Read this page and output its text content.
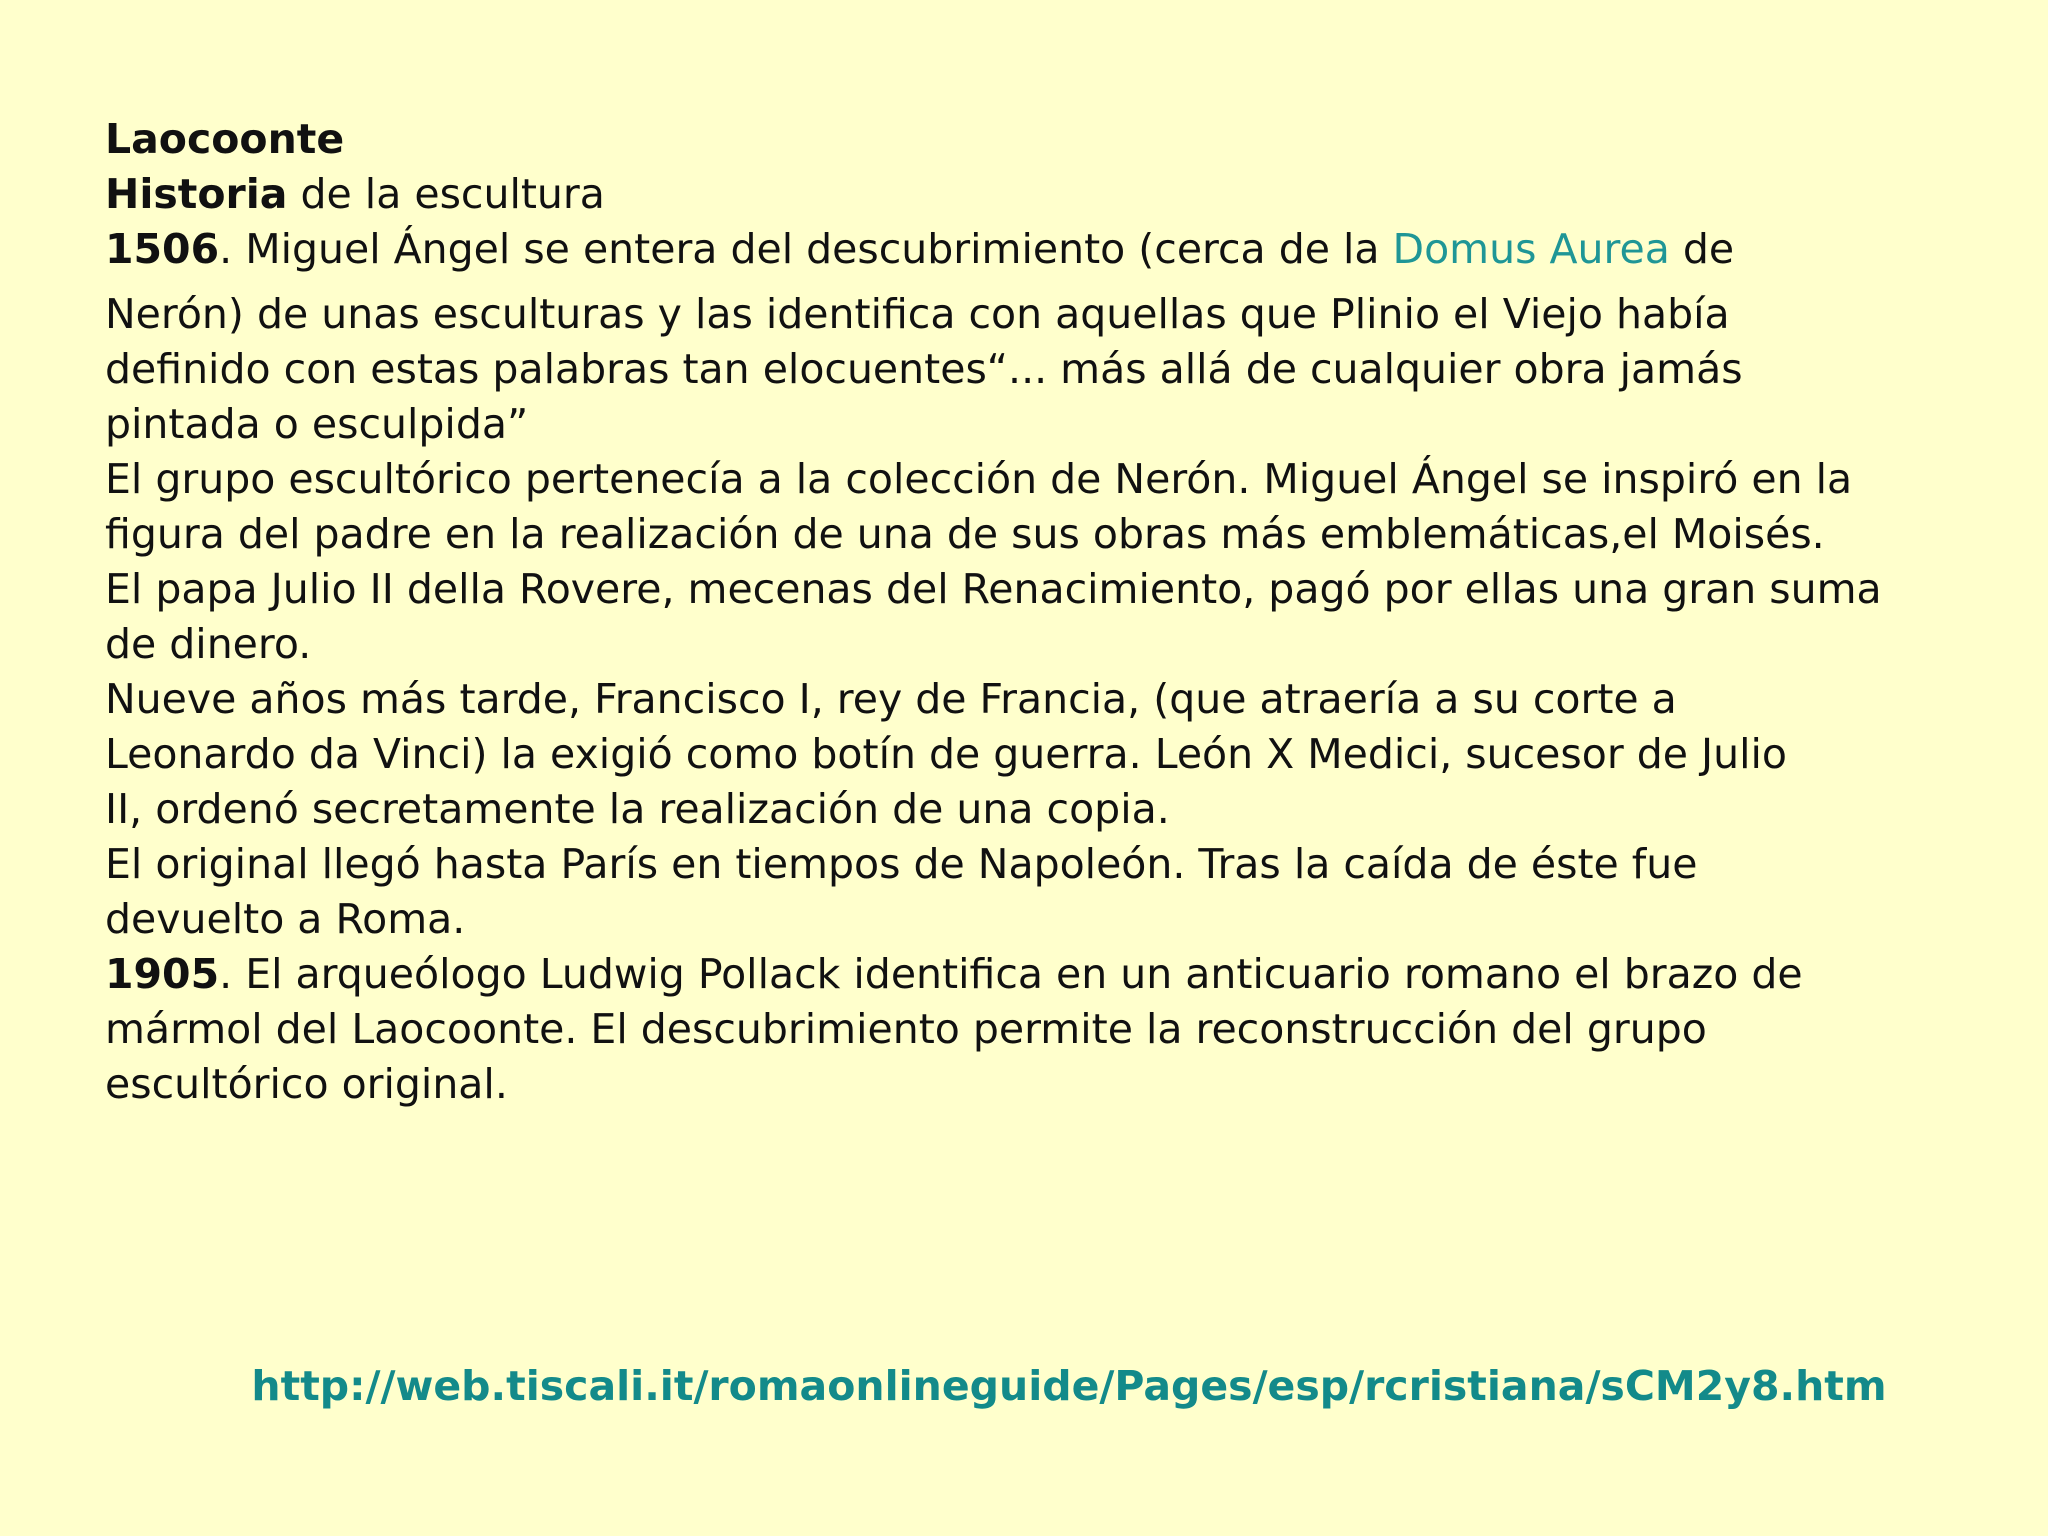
Laocoonte
Historia de la escultura
1506. Miguel Ángel se entera del descubrimiento (cerca de la Domus Aurea de
Nerón) de unas esculturas y las identifica con aquellas que Plinio el Viejo había
definido con estas palabras tan elocuentes“... más allá de cualquier obra jamás
pintada o esculpida”
El grupo escultórico pertenecía a la colección de Nerón. Miguel Ángel se inspiró en la
figura del padre en la realización de una de sus obras más emblemáticas,el Moisés.
El papa Julio II della Rovere, mecenas del Renacimiento, pagó por ellas una gran suma
de dinero.
Nueve años más tarde, Francisco I, rey de Francia, (que atraería a su corte a
Leonardo da Vinci) la exigió como botín de guerra. León X Medici, sucesor de Julio
II, ordenó secretamente la realización de una copia.
El original llegó hasta París en tiempos de Napoleón. Tras la caída de éste fue
devuelto a Roma.
1905. El arqueólogo Ludwig Pollack identifica en un anticuario romano el brazo de
mármol del Laocoonte. El descubrimiento permite la reconstrucción del grupo
escultórico original.
http://web.tiscali.it/romaonlineguide/Pages/esp/rcristiana/sCM2y8.htm
